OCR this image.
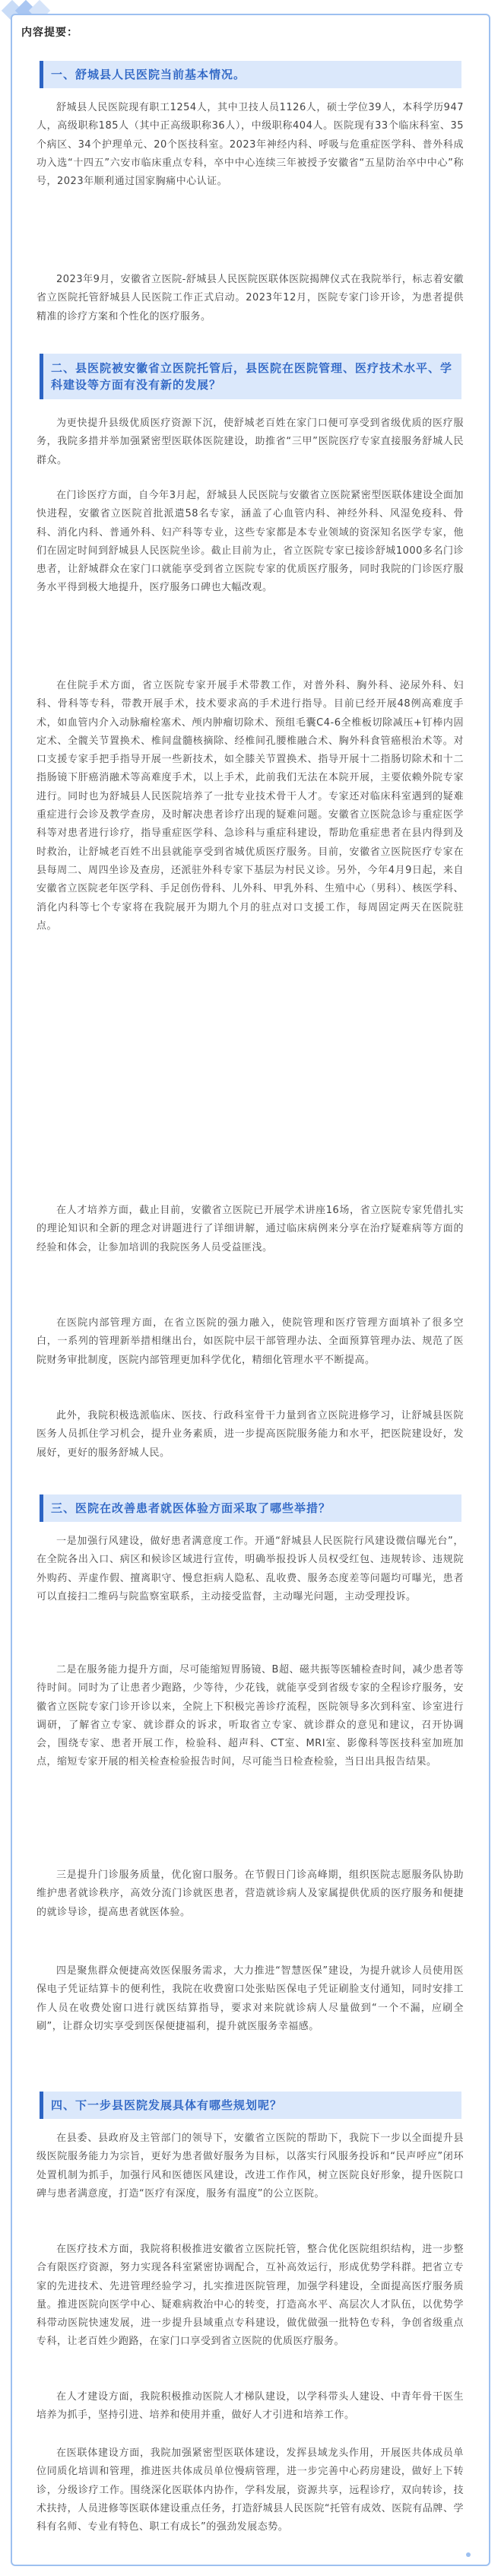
内容提要：
一、舒城县人民医院当前基本情况。

舒城县人民医院现有职工1254人，其中卫技人员1126人，硕士学位39人，本科学历947人，高级职称185人（其中正高级职称36人），中级职称404人。医院现有33个临床科室、35个病区、34个护理单元、20个医技科室。2023年神经内科、呼吸与危重症医学科、普外科成功入选“十四五”六安市临床重点专科，卒中中心连续三年被授予安徽省“五星防治卒中中心”称号，2023年顺利通过国家胸痛中心认证。

2023年9月，安徽省立医院-舒城县人民医院医联体医院揭牌仪式在我院举行，标志着安徽省立医院托管舒城县人民医院工作正式启动。2023年12月，医院专家门诊开诊，为患者提供精准的诊疗方案和个性化的医疗服务。

二、县医院被安徽省立医院托管后，县医院在医院管理、医疗技术水平、学科建设等方面有没有新的发展？

为更快提升县级优质医疗资源下沉，使舒城老百姓在家门口便可享受到省级优质的医疗服务，我院多措并举加强紧密型医联体医院建设，助推省“三甲”医院医疗专家直接服务舒城人民群众。

在门诊医疗方面，自今年3月起，舒城县人民医院与安徽省立医院紧密型医联体建设全面加快进程，安徽省立医院首批派遣58名专家，涵盖了心血管内科、神经外科、风湿免疫科、骨科、消化内科、普通外科、妇产科等专业，这些专家都是本专业领域的资深知名医学专家，他们在固定时间到舒城县人民医院坐诊。截止目前为止，省立医院专家已接诊舒城1000多名门诊患者，让舒城群众在家门口就能享受到省立医院专家的优质医疗服务，同时我院的门诊医疗服务水平得到极大地提升，医疗服务口碑也大幅改观。

在住院手术方面，省立医院专家开展手术带教工作，对普外科、胸外科、泌尿外科、妇科、骨科等专科，带教开展手术，技术要求高的手术进行指导。目前已经开展48例高难度手术，如血管内介入动脉瘤栓塞术、颅内肿瘤切除术、预组毛囊C4-6全椎板切除减压+钉棒内固定术、全髋关节置换术、椎间盘髓核摘除、经椎间孔腰椎融合术、胸外科食管癌根治术等。对口支援专家手把手指导开展一些新技术，如全膝关节置换术、指导开展十二指肠切除术和十二指肠镜下肝癌消融术等高难度手术，以上手术，此前我们无法在本院开展，主要依赖外院专家进行。同时也为舒城县人民医院培养了一批专业技术骨干人才。专家还对临床科室遇到的疑难重症进行会诊及教学查房，及时解决患者诊疗出现的疑难问题。安徽省立医院急诊与重症医学科等对患者进行诊疗，指导重症医学科、急诊科与重症科建设，帮助危重症患者在县内得到及时救治，让舒城老百姓不出县就能享受到省城优质医疗服务。目前，安徽省立医院医疗专家在县每周二、周四坐诊及查房，还派驻外科专家下基层为村民义诊。另外，今年4月9日起，来自安徽省立医院老年医学科、手足创伤骨科、儿外科、甲乳外科、生殖中心（男科）、核医学科、消化内科等七个专家将在我院展开为期九个月的驻点对口支援工作，每周固定两天在医院驻点。

在人才培养方面，截止目前，安徽省立医院已开展学术讲座16场，省立医院专家凭借扎实的理论知识和全新的理念对讲题进行了详细讲解，通过临床病例来分享在治疗疑难病等方面的经验和体会，让参加培训的我院医务人员受益匪浅。

在医院内部管理方面，在省立医院的强力融入，使院管理和医疗管理方面填补了很多空白，一系列的管理新举措相继出台，如医院中层干部管理办法、全面预算管理办法、规范了医院财务审批制度，医院内部管理更加科学优化，精细化管理水平不断提高。

此外，我院积极选派临床、医技、行政科室骨干力量到省立医院进修学习，让舒城县医院医务人员抓住学习机会，提升业务素质，进一步提高医院服务能力和水平，把医院建设好，发展好，更好的服务舒城人民。

三、医院在改善患者就医体验方面采取了哪些举措？

一是加强行风建设，做好患者满意度工作。开通“舒城县人民医院行风建设微信曝光台”，在全院各出入口、病区和候诊区域进行宣传，明确举报投诉人员权受红包、违规转诊、违规院外购药、弄虚作假、擅离职守、慢怠拒病人隐私、乱收费、服务态度差等问题均可曝光，患者可以直接扫二维码与院监察室联系，主动接受监督，主动曝光问题，主动受理投诉。

二是在服务能力提升方面，尽可能缩短胃肠镜、B超、磁共振等医辅检查时间，减少患者等待时间。同时为了让患者少跑路，少等待，少花钱，就能享受到省级专家的全程诊疗服务，安徽省立医院专家门诊开诊以来，全院上下积极完善诊疗流程，医院领导多次到科室、诊室进行调研，了解省立专家、就诊群众的诉求，听取省立专家、就诊群众的意见和建议，召开协调会，围绕专家、患者开展工作，检验科、超声科、CT室、MRI室、影像科等医技科室加班加点，缩短专家开展的相关检查检验报告时间，尽可能当日检查检验，当日出具报告结果。

三是提升门诊服务质量，优化窗口服务。在节假日门诊高峰期，组织医院志愿服务队协助维护患者就诊秩序，高效分流门诊就医患者，营造就诊病人及家属提供优质的医疗服务和便捷的就诊导诊，提高患者就医体验。

四是聚焦群众便捷高效医保服务需求，大力推进“智慧医保”建设，为提升就诊人员使用医保电子凭证结算卡的便利性，我院在收费窗口处张贴医保电子凭证刷脸支付通知，同时安排工作人员在收费处窗口进行就医结算指导，要求对来院就诊病人尽量做到“一个不漏，应刷全刷”，让群众切实享受到医保便捷福利，提升就医服务幸福感。

四、下一步县医院发展具体有哪些规划呢？

在县委、县政府及主管部门的领导下，安徽省立医院的帮助下，我院下一步以全面提升县级医院服务能力为宗旨，更好为患者做好服务为目标，以落实行风服务投诉和“民声呼应”闭环处置机制为抓手，加强行风和医德医风建设，改进工作作风，树立医院良好形象，提升医院口碑与患者满意度，打造“医疗有深度，服务有温度”的公立医院。

在医疗技术方面，我院将积极推进安徽省立医院托管，整合优化医院组织结构，进一步整合有限医疗资源，努力实现各科室紧密协调配合，互补高效运行，形成优势学科群。把省立专家的先进技术、先进管理经验学习，扎实推进医院管理，加强学科建设，全面提高医疗服务质量。推进医院向医学中心、疑难病救治中心的转变，打造高水平、高层次人才队伍，以优势学科带动医院快速发展，进一步提升县域重点专科建设，做优做强一批特色专科，争创省级重点专科，让老百姓少跑路，在家门口享受到省立医院的优质医疗服务。

在人才建设方面，我院积极推动医院人才梯队建设，以学科带头人建设、中青年骨干医生培养为抓手，坚持引进、培养和使用并重，做好人才引进和培养工作。

在医联体建设方面，我院加强紧密型医联体建设，发挥县域龙头作用，开展医共体成员单位同质化培训和管理，推进医共体成员单位慢病管理，进一步完善中心药房建设，做好上下转诊，分级诊疗工作。围绕深化医联体内协作，学科发展，资源共享，远程诊疗，双向转诊，技术扶持，人员进修等医联体建设重点任务，打造舒城县人民医院“托管有成效、医院有品牌、学科有名师、专业有特色、职工有成长”的强劲发展态势。
